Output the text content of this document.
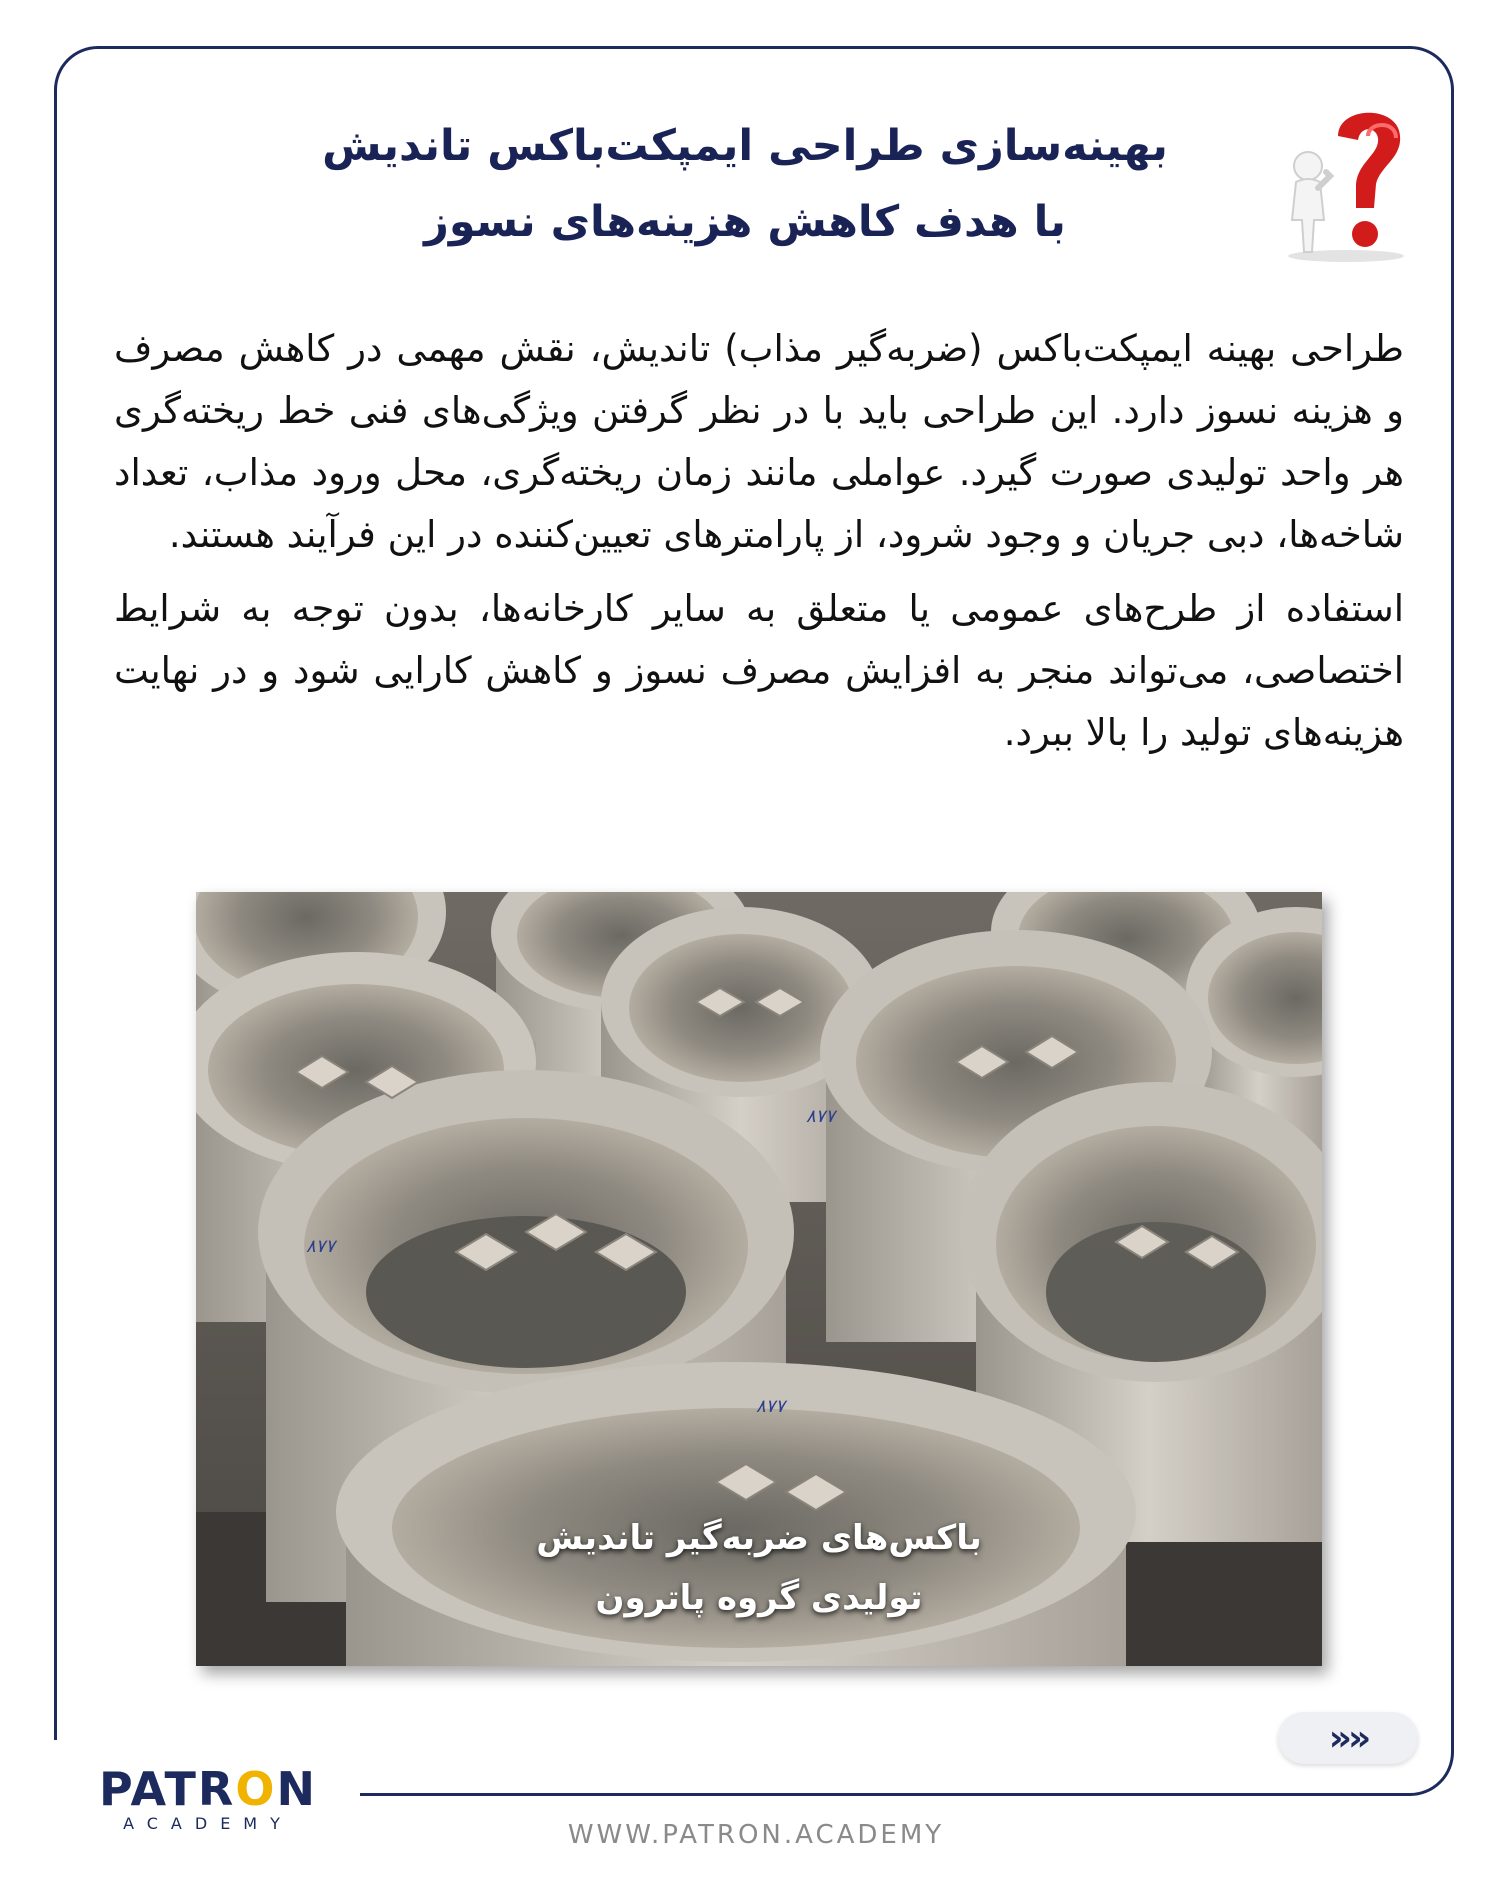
بهینه‌سازی طراحی ایمپکت‌باکس تاندیش

با هدف کاهش هزینه‌های نسوز

طراحی بهینه ایمپکت‌باکس (ضربه‌گیر مذاب) تاندیش، نقش مهمی در کاهش مصرف و هزینه نسوز دارد. این طراحی باید با در نظر گرفتن ویژگی‌های فنی خط ریخته‌گری هر واحد تولیدی صورت گیرد. عواملی مانند زمان ریخته‌گری، محل ورود مذاب، تعداد شاخه‌ها، دبی جریان و وجود شرود، از پارامترهای تعیین‌کننده در این فرآیند هستند.

استفاده از طرح‌های عمومی یا متعلق به سایر کارخانه‌ها، بدون توجه به شرایط اختصاصی، می‌تواند منجر به افزایش مصرف نسوز و کاهش کارایی شود و در نهایت هزینه‌های تولید را بالا ببرد.

۸۷۷
۸۷۷
۸۷۷
باکس‌های ضربه‌گیر تاندیش
تولیدی گروه پاترون
»»
PATRON
ACADEMY	WWW.PATRON.ACADEMY
